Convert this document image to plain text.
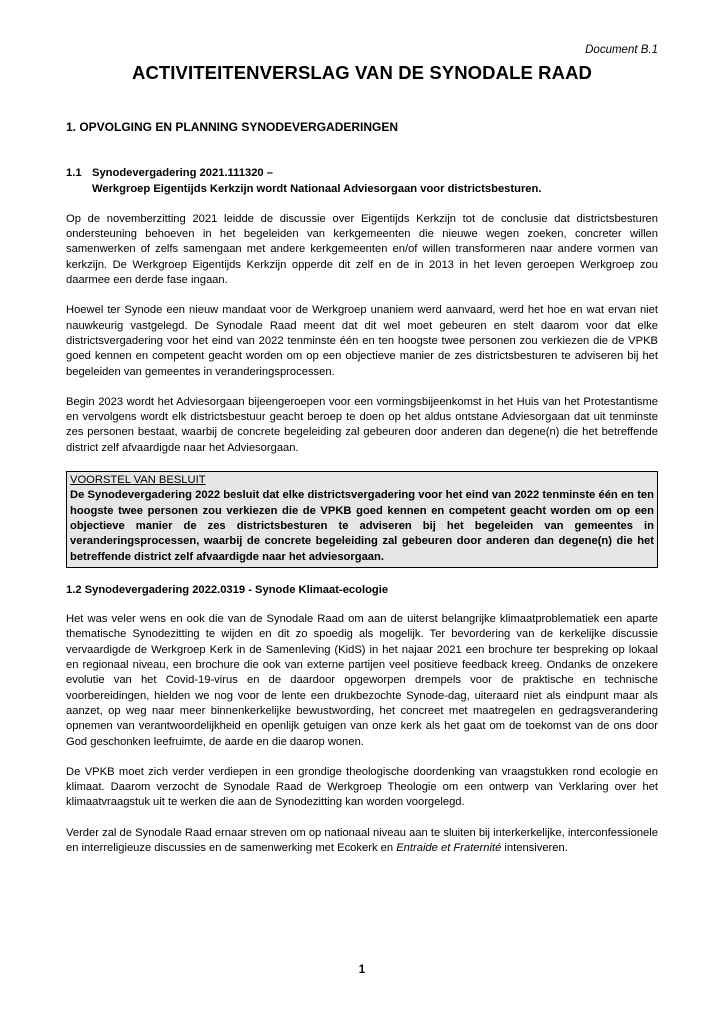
Document B.1
ACTIVITEITENVERSLAG VAN DE SYNODALE RAAD
1. OPVOLGING EN PLANNING SYNODEVERGADERINGEN
1.1 Synodevergadering 2021.111320 –
Werkgroep Eigentijds Kerkzijn wordt Nationaal Adviesorgaan voor districtsbesturen.

Op de novemberzitting 2021 leidde de discussie over Eigentijds Kerkzijn tot de conclusie dat districtsbesturen ondersteuning behoeven in het begeleiden van kerkgemeenten die nieuwe wegen zoeken, concreter willen samenwerken of zelfs samengaan met andere kerkgemeenten en/of willen transformeren naar andere vormen van kerkzijn. De Werkgroep Eigentijds Kerkzijn opperde dit zelf en de in 2013 in het leven geroepen Werkgroep zou daarmee een derde fase ingaan.

Hoewel ter Synode een nieuw mandaat voor de Werkgroep unaniem werd aanvaard, werd het hoe en wat ervan niet nauwkeurig vastgelegd. De Synodale Raad meent dat dit wel moet gebeuren en stelt daarom voor dat elke districtsvergadering voor het eind van 2022 tenminste één en ten hoogste twee personen zou verkiezen die de VPKB goed kennen en competent geacht worden om op een objectieve manier de zes districtsbesturen te adviseren bij het begeleiden van gemeentes in veranderingsprocessen.

Begin 2023 wordt het Adviesorgaan bijeengeroepen voor een vormingsbijeenkomst in het Huis van het Protestantisme en vervolgens wordt elk districtsbestuur geacht beroep te doen op het aldus ontstane Adviesorgaan dat uit tenminste zes personen bestaat, waarbij de concrete begeleiding zal gebeuren door anderen dan degene(n) die het betreffende district zelf afvaardigde naar het Adviesorgaan.

VOORSTEL VAN BESLUIT
De Synodevergadering 2022 besluit dat elke districtsvergadering voor het eind van 2022 tenminste één en ten hoogste twee personen zou verkiezen die de VPKB goed kennen en competent geacht worden om op een objectieve manier de zes districtsbesturen te adviseren bij het begeleiden van gemeentes in veranderingsprocessen, waarbij de concrete begeleiding zal gebeuren door anderen dan degene(n) die het betreffende district zelf afvaardigde naar het adviesorgaan.
1.2 Synodevergadering 2022.0319 - Synode Klimaat-ecologie

Het was veler wens en ook die van de Synodale Raad om aan de uiterst belangrijke klimaatproblematiek een aparte thematische Synodezitting te wijden en dit zo spoedig als mogelijk. Ter bevordering van de kerkelijke discussie vervaardigde de Werkgroep Kerk in de Samenleving (KidS) in het najaar 2021 een brochure ter bespreking op lokaal en regionaal niveau, een brochure die ook van externe partijen veel positieve feedback kreeg. Ondanks de onzekere evolutie van het Covid-19-virus en de daardoor opgeworpen drempels voor de praktische en technische voorbereidingen, hielden we nog voor de lente een drukbezochte Synode-dag, uiteraard niet als eindpunt maar als aanzet, op weg naar meer binnenkerkelijke bewustwording, het concreet met maatregelen en gedragsverandering opnemen van verantwoordelijkheid en openlijk getuigen van onze kerk als het gaat om de toekomst van de ons door God geschonken leefruimte, de aarde en die daarop wonen.

De VPKB moet zich verder verdiepen in een grondige theologische doordenking van vraagstukken rond ecologie en klimaat. Daarom verzocht de Synodale Raad de Werkgroep Theologie om een ontwerp van Verklaring over het klimaatvraagstuk uit te werken die aan de Synodezitting kan worden voorgelegd.

Verder zal de Synodale Raad ernaar streven om op nationaal niveau aan te sluiten bij interkerkelijke, interconfessionele en interreligieuze discussies en de samenwerking met Ecokerk en Entraide et Fraternité intensiveren.

1
